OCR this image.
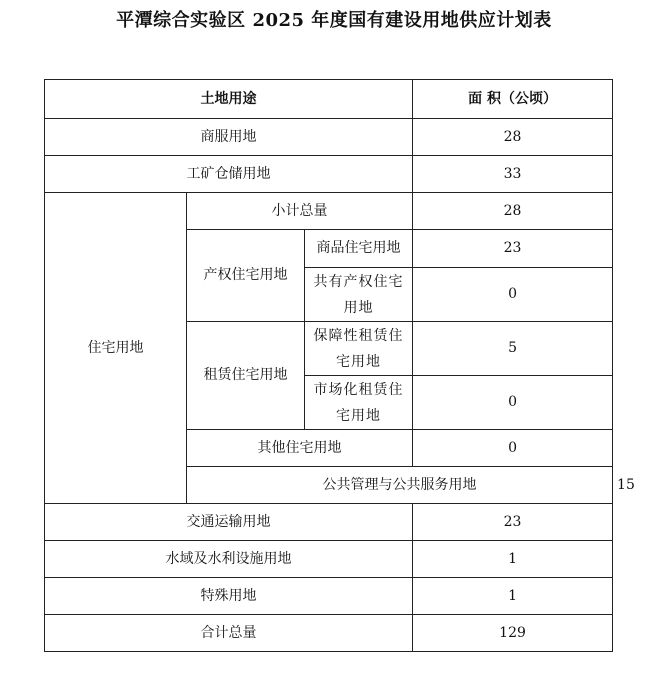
平潭综合实验区 2025 年度国有建设用地供应计划表
土地用途			面 积（公顷）	
商服用地			28	
工矿仓储用地			33	
住宅用地	小计总量		28	
	产权住宅用地	商品住宅用地	23	
		共有产权住宅用地	0	
	租赁住宅用地	保障性租赁住宅用地	5	
		市场化租赁住宅用地	0	
	其他住宅用地		0	
	公共管理与公共服务用地			15
交通运输用地			23	
水域及水利设施用地			1	
特殊用地			1	
合计总量			129	
